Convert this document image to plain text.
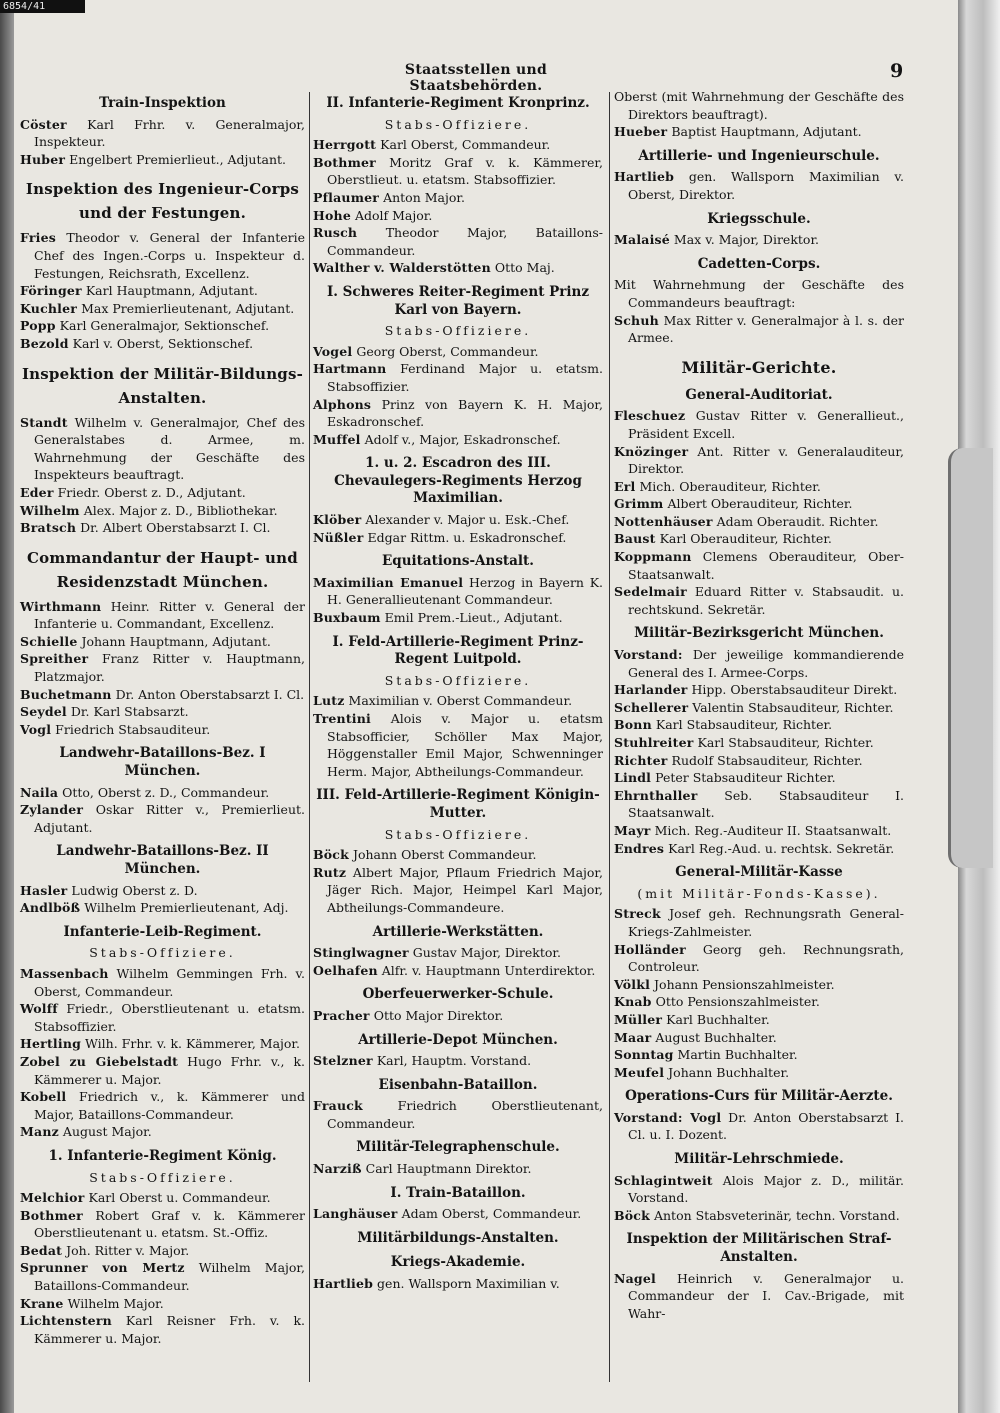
6854/41
Staatsstellen und Staatsbehörden.
9
Train-Inspektion

Cöster Karl Frhr. v. Generalmajor, Inspekteur.

Huber Engelbert Premierlieut., Adjutant.

Inspektion des Ingenieur-Corps und der Festungen.

Fries Theodor v. General der Infanterie Chef des Ingen.-Corps u. Inspekteur d. Festungen, Reichsrath, Excellenz.

Föringer Karl Hauptmann, Adjutant.

Kuchler Max Premierlieutenant, Adjutant.

Popp Karl Generalmajor, Sektionschef.

Bezold Karl v. Oberst, Sektionschef.

Inspektion der Militär-Bildungs-Anstalten.

Standt Wilhelm v. Generalmajor, Chef des Generalstabes d. Armee, m. Wahrnehmung der Geschäfte des Inspekteurs beauftragt.

Eder Friedr. Oberst z. D., Adjutant.

Wilhelm Alex. Major z. D., Bibliothekar.

Bratsch Dr. Albert Oberstabsarzt I. Cl.

Commandantur der Haupt- und Residenzstadt München.

Wirthmann Heinr. Ritter v. General der Infanterie u. Commandant, Excellenz.

Schielle Johann Hauptmann, Adjutant.

Spreither Franz Ritter v. Hauptmann, Platzmajor.

Buchetmann Dr. Anton Oberstabsarzt I. Cl.

Seydel Dr. Karl Stabsarzt.

Vogl Friedrich Stabsauditeur.

Landwehr-Bataillons-Bez. I München.

Naila Otto, Oberst z. D., Commandeur.

Zylander Oskar Ritter v., Premierlieut. Adjutant.

Landwehr-Bataillons-Bez. II München.

Hasler Ludwig Oberst z. D.

Andlböß Wilhelm Premierlieutenant, Adj.

Infanterie-Leib-Regiment.
Stabs-Offiziere.

Massenbach Wilhelm Gemmingen Frh. v. Oberst, Commandeur.

Wolff Friedr., Oberstlieutenant u. etatsm. Stabsoffizier.

Hertling Wilh. Frhr. v. k. Kämmerer, Major.

Zobel zu Giebelstadt Hugo Frhr. v., k. Kämmerer u. Major.

Kobell Friedrich v., k. Kämmerer und Major, Bataillons-Commandeur.

Manz August Major.

1. Infanterie-Regiment König.
Stabs-Offiziere.

Melchior Karl Oberst u. Commandeur.

Bothmer Robert Graf v. k. Kämmerer Oberstlieutenant u. etatsm. St.-Offiz.

Bedat Joh. Ritter v. Major.

Sprunner von Mertz Wilhelm Major, Bataillons-Commandeur.

Krane Wilhelm Major.

Lichtenstern Karl Reisner Frh. v. k. Kämmerer u. Major.

II. Infanterie-Regiment Kronprinz.
Stabs-Offiziere.

Herrgott Karl Oberst, Commandeur.

Bothmer Moritz Graf v. k. Kämmerer, Oberstlieut. u. etatsm. Stabsoffizier.

Pflaumer Anton Major.

Hohe Adolf Major.

Rusch Theodor Major, Bataillons-Commandeur.

Walther v. Walderstötten Otto Maj.

I. Schweres Reiter-Regiment Prinz Karl von Bayern.
Stabs-Offiziere.

Vogel Georg Oberst, Commandeur.

Hartmann Ferdinand Major u. etatsm. Stabsoffizier.

Alphons Prinz von Bayern K. H. Major, Eskadronschef.

Muffel Adolf v., Major, Eskadronschef.

1. u. 2. Escadron des III. Chevaulegers-Regiments Herzog Maximilian.

Klöber Alexander v. Major u. Esk.-Chef.

Nüßler Edgar Rittm. u. Eskadronschef.

Equitations-Anstalt.

Maximilian Emanuel Herzog in Bayern K. H. Generallieutenant Commandeur.

Buxbaum Emil Prem.-Lieut., Adjutant.

I. Feld-Artillerie-Regiment Prinz-Regent Luitpold.
Stabs-Offiziere.

Lutz Maximilian v. Oberst Commandeur.

Trentini Alois v. Major u. etatsm Stabsofficier, Schöller Max Major, Höggenstaller Emil Major, Schwenninger Herm. Major, Abtheilungs-Commandeur.

III. Feld-Artillerie-Regiment Königin-Mutter.
Stabs-Offiziere.

Böck Johann Oberst Commandeur.

Rutz Albert Major, Pflaum Friedrich Major, Jäger Rich. Major, Heimpel Karl Major, Abtheilungs-Commandeure.

Artillerie-Werkstätten.

Stinglwagner Gustav Major, Direktor.

Oelhafen Alfr. v. Hauptmann Unterdirektor.

Oberfeuerwerker-Schule.

Pracher Otto Major Direktor.

Artillerie-Depot München.

Stelzner Karl, Hauptm. Vorstand.

Eisenbahn-Bataillon.

Frauck	Friedrich Oberstlieutenant, Commandeur.

Militär-Telegraphenschule.

Narziß Carl Hauptmann Direktor.

I. Train-Bataillon.

Langhäuser Adam Oberst, Commandeur.

Militärbildungs-Anstalten.
Kriegs-Akademie.

Hartlieb gen. Wallsporn Maximilian v.

Oberst (mit Wahrnehmung der Geschäfte des Direktors beauftragt).

Hueber Baptist Hauptmann, Adjutant.

Artillerie- und Ingenieurschule.

Hartlieb gen. Wallsporn Maximilian v. Oberst, Direktor.

Kriegsschule.

Malaisé Max v. Major, Direktor.

Cadetten-Corps.

Mit Wahrnehmung der Geschäfte des Commandeurs beauftragt:

Schuh Max Ritter v. Generalmajor à l. s. der Armee.

Militär-Gerichte.
General-Auditoriat.

Fleschuez Gustav Ritter v. Generallieut., Präsident Excell.

Knözinger Ant. Ritter v. Generalauditeur, Direktor.

Erl Mich. Oberauditeur, Richter.

Grimm Albert Oberauditeur, Richter.

Nottenhäuser Adam Oberaudit. Richter.

Baust Karl Oberauditeur, Richter.

Koppmann Clemens Oberauditeur, Ober-Staatsanwalt.

Sedelmair Eduard Ritter v. Stabsaudit. u. rechtskund. Sekretär.

Militär-Bezirksgericht München.

Vorstand: Der jeweilige kommandierende General des I. Armee-Corps.

Harlander Hipp. Oberstabsauditeur Direkt.

Schellerer Valentin Stabsauditeur, Richter.

Bonn Karl Stabsauditeur, Richter.

Stuhlreiter Karl Stabsauditeur, Richter.

Richter Rudolf Stabsauditeur, Richter.

Lindl Peter Stabsauditeur Richter.

Ehrnthaller Seb. Stabsauditeur I. Staatsanwalt.

Mayr Mich. Reg.-Auditeur II. Staatsanwalt.

Endres Karl Reg.-Aud. u. rechtsk. Sekretär.

General-Militär-Kasse
(mit Militär-Fonds-Kasse).

Streck Josef geh. Rechnungsrath General-Kriegs-Zahlmeister.

Holländer Georg geh. Rechnungsrath, Controleur.

Völkl Johann Pensionszahlmeister.

Knab Otto Pensionszahlmeister.

Müller Karl Buchhalter.

Maar August Buchhalter.

Sonntag Martin Buchhalter.

Meufel Johann Buchhalter.

Operations-Curs für Militär-Aerzte.

Vorstand: Vogl Dr. Anton Oberstabsarzt I. Cl. u. I. Dozent.

Militär-Lehrschmiede.

Schlagintweit Alois Major z. D., militär. Vorstand.

Böck Anton Stabsveterinär, techn. Vorstand.

Inspektion der Militärischen Straf-Anstalten.

Nagel Heinrich v. Generalmajor u. Commandeur der I. Cav.-Brigade, mit Wahr-
